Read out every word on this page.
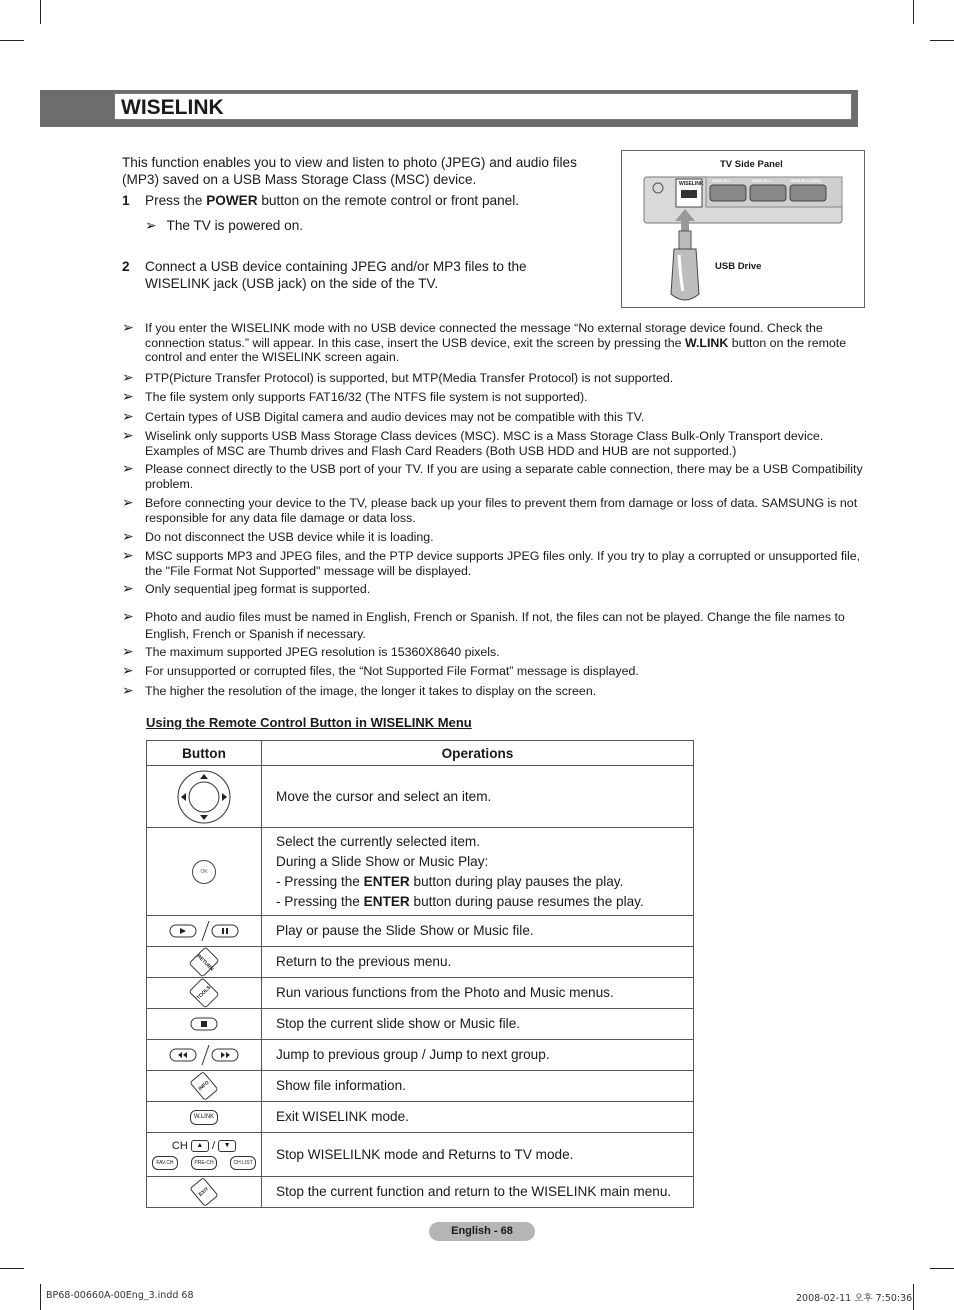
WISELINK
This function enables you to view and listen to photo (JPEG) and audio files (MP3) saved on a USB Mass Storage Class (MSC) device.
1 Press the POWER button on the remote control or front panel.
➢ The TV is powered on.
2 Connect a USB device containing JPEG and/or MP3 files to the WISELINK jack (USB jack) on the side of the TV.
TV Side Panel
WISELINK
HDMI IN 1	HDMI IN 2	HDMI IN 3 (ARC)
USB Drive
➢ If you enter the WISELINK mode with no USB device connected the message “No external storage device found. Check the connection status.” will appear. In this case, insert the USB device, exit the screen by pressing the W.LINK button on the remote control and enter the WISELINK screen again.
➢ PTP(Picture Transfer Protocol) is supported, but MTP(Media Transfer Protocol) is not supported.
➢ The file system only supports FAT16/32 (The NTFS file system is not supported).
➢ Certain types of USB Digital camera and audio devices may not be compatible with this TV.
➢ Wiselink only supports USB Mass Storage Class devices (MSC). MSC is a Mass Storage Class Bulk-Only Transport device. Examples of MSC are Thumb drives and Flash Card Readers (Both USB HDD and HUB are not supported.)
➢ Please connect directly to the USB port of your TV. If you are using a separate cable connection, there may be a USB Compatibility problem.
➢ Before connecting your device to the TV, please back up your files to prevent them from damage or loss of data. SAMSUNG is not responsible for any data file damage or data loss.
➢ Do not disconnect the USB device while it is loading.
➢ MSC supports MP3 and JPEG files, and the PTP device supports JPEG files only. If you try to play a corrupted or unsupported file, the "File Format Not Supported" message will be displayed.
➢ Only sequential jpeg format is supported.
➢ Photo and audio files must be named in English, French or Spanish. If not, the files can not be played. Change the file names to English, French or Spanish if necessary.
➢ The maximum supported JPEG resolution is 15360X8640 pixels.
➢ For unsupported or corrupted files, the “Not Supported File Format” message is displayed.
➢ The higher the resolution of the image, the longer it takes to display on the screen.
Using the Remote Control Button in WISELINK Menu
Button	Operations
	Move the cursor and select an item.
OK	Select the currently selected item.
During a Slide Show or Music Play:
- Pressing the ENTER button during play pauses the play.
- Pressing the ENTER button during pause resumes the play.

	Play or pause the Slide Show or Music file.
RETURN	Return to the previous menu.
TOOLS	Run various functions from the Photo and Music menus.
	Stop the current slide show or Music file.
	Jump to previous group / Jump to next group.
INFO	Show file information.
W.LINK	Exit WISELINK mode.

CH ▲ / ▼
FAV.CH PRE-CH CH LIST	Stop WISELILNK mode and Returns to TV mode.
EXIT	Stop the current function and return to the WISELINK main menu.
English - 68
BP68-00660A-00Eng_3.indd 68	2008-02-11 오후 7:50:36
